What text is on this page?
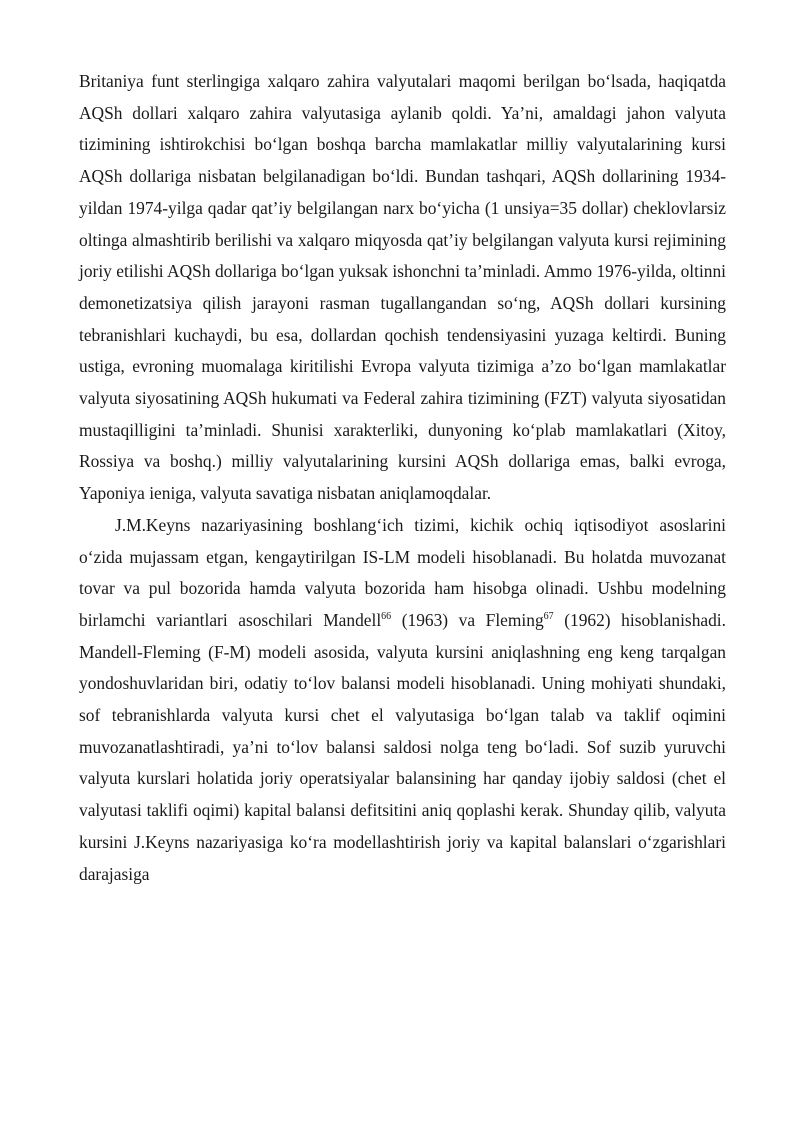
Britaniya funt sterlingiga xalqaro zahira valyutalari maqomi berilgan bo‘lsada, haqiqatda AQSh dollari xalqaro zahira valyutasiga aylanib qoldi. Ya’ni, amaldagi jahon valyuta tizimining ishtirokchisi bo‘lgan boshqa barcha mamlakatlar milliy valyutalarining kursi AQSh dollariga nisbatan belgilanadigan bo‘ldi. Bundan tashqari, AQSh dollarining 1934-yildan 1974-yilga qadar qat’iy belgilangan narx bo‘yicha (1 unsiya=35 dollar) cheklovlarsiz oltinga almashtirib berilishi va xalqaro miqyosda qat’iy belgilangan valyuta kursi rejimining joriy etilishi AQSh dollariga bo‘lgan yuksak ishonchni ta’minladi. Ammo 1976-yilda, oltinni demonetizatsiya qilish jarayoni rasman tugallangandan so‘ng, AQSh dollari kursining tebranishlari kuchaydi, bu esa, dollardan qochish tendensiyasini yuzaga keltirdi. Buning ustiga, evroning muomalaga kiritilishi Evropa valyuta tizimiga a’zo bo‘lgan mamlakatlar valyuta siyosatining AQSh hukumati va Federal zahira tizimining (FZT) valyuta siyosatidan mustaqilligini ta’minladi. Shunisi xarakterliki, dunyoning ko‘plab mamlakatlari (Xitoy, Rossiya va boshq.) milliy valyutalarining kursini AQSh dollariga emas, balki evroga, Yaponiya ieniga, valyuta savatiga nisbatan aniqlamoqdalar.

J.M.Keyns nazariyasining boshlang‘ich tizimi, kichik ochiq iqtisodiyot asoslarini o‘zida mujassam etgan, kengaytirilgan IS-LM modeli hisoblanadi. Bu holatda muvozanat tovar va pul bozorida hamda valyuta bozorida ham hisobga olinadi. Ushbu modelning birlamchi variantlari asoschilari Mandell$^{66}$ (1963) va Fleming$^{67}$ (1962) hisoblanishadi. Mandell-Fleming (F-M) modeli asosida, valyuta kursini aniqlashning eng keng tarqalgan yondoshuvlaridan biri, odatiy to‘lov balansi modeli hisoblanadi. Uning mohiyati shundaki, sof tebranishlarda valyuta kursi chet el valyutasiga bo‘lgan talab va taklif oqimini muvozanatlashtiradi, ya’ni to‘lov balansi saldosi nolga teng bo‘ladi. Sof suzib yuruvchi valyuta kurslari holatida joriy operatsiyalar balansining har qanday ijobiy saldosi (chet el valyutasi taklifi oqimi) kapital balansi defitsitini aniq qoplashi kerak. Shunday qilib, valyuta kursini J.Keyns nazariyasiga ko‘ra modellashtirish joriy va kapital balanslari o‘zgarishlari darajasiga
